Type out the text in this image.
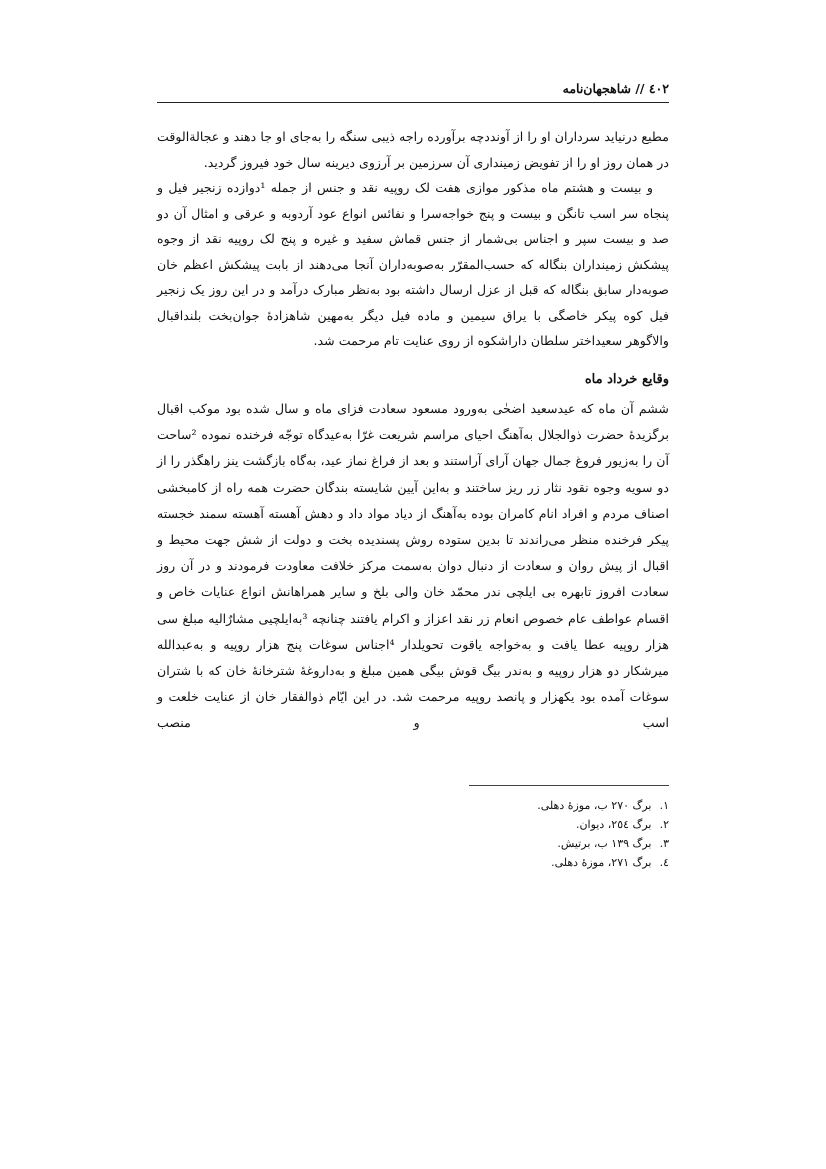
٤٠٢ // شاهجهان‌نامه

مطیع درنیاید سرداران او را از آونددچه برآورده راجه ذیبی سنگه را به‌جای او جا دهند و عجالةالوقت در همان روز او را از تفویض زمینداری آن سرزمین بر آرزوی دیرینه سال خود فیروز گردید.

و بیست و هشتم ماه مذکور موازی هفت لک روپیه نقد و جنس از جمله ¹دوازده زنجیر فیل و پنجاه سر اسب تانگن و بیست و پنج خواجه‌سرا و نفائس انواع عود آردوبه و عرقی و امثال آن دو صد و بیست سپر و اجناس بی‌شمار از جنس قماش سفید و غیره و پنج لک روپیه نقد از وجوه پیشکش زمینداران بنگاله که حسب‌المقرّر به‌صوبه‌داران آنجا می‌دهند از بابت پیشکش اعظم خان صوبه‌دار سابق بنگاله که قبل از عزل ارسال داشته بود به‌نظر مبارک درآمد و در این روز یک زنجیر فیل کوه پیکر خاصگی با یراق سیمین و ماده فیل دیگر به‌مهین شاهزادهٔ جوان‌بخت بلنداقبال والاگوهر سعیداختر سلطان داراشکوه از روی عنایت تام مرحمت شد.

وقایع خرداد ماه

ششم آن ماه که عیدسعید اضحٰی به‌ورود مسعود سعادت فزای ماه و سال شده بود موکب اقبال برگزیدهٔ حضرت ذوالجلال به‌آهنگ احیای مراسم شریعت غرّا به‌عیدگاه توجّه فرخنده نموده ²ساحت آن را به‌زیور فروغ جمال جهان آرای آراستند و بعد از فراغ نماز عید، به‌گاه بازگشت ینز راهگذر را از دو سویه وجوه نقود نثار زر ریز ساختند و به‌این آیین شایسته بندگان حضرت همه راه از کامبخشی اصناف مردم و افراد انام کامران بوده به‌آهنگ از دیاد مواد داد و دهش آهسته آهسته سمند خجسته پیکر فرخنده منظر می‌راندند تا بدین ستوده روش پسندیده بخت و دولت از شش جهت محیط و اقبال از پیش روان و سعادت از دنبال دوان به‌سمت مرکز خلافت معاودت فرمودند و در آن روز سعادت افروز تابهره بی ایلچی ندر محمّد خان والی بلخ و سایر همراهانش انواع عنایات خاص و اقسام عواطف عام خصوص انعام زر نقد اعزاز و اکرام یافتند چنانچه ³به‌ایلچیی مشارٌالیه مبلغ سی هزار روپیه عطا یافت و به‌خواجه یاقوت تحویلدار ⁴اجناس سوغات پنج هزار روپیه و به‌عبدالله میرشکار دو هزار روپیه و به‌ندر بیگ قوش بیگی همین مبلغ و به‌داروغهٔ شترخانهٔ خان که با شتران سوغات آمده بود یکهزار و پانصد روپیه مرحمت شد. در این ایّام ذوالفقار خان از عنایت خلعت و اسب و منصب

١. برگ ٢٧٠ ب، موزهٔ دهلی.
٢. برگ ٢٥٤، دیوان.
٣. برگ ١٣٩ ب، برتیش.
٤. برگ ٢٧١، موزهٔ دهلی.
